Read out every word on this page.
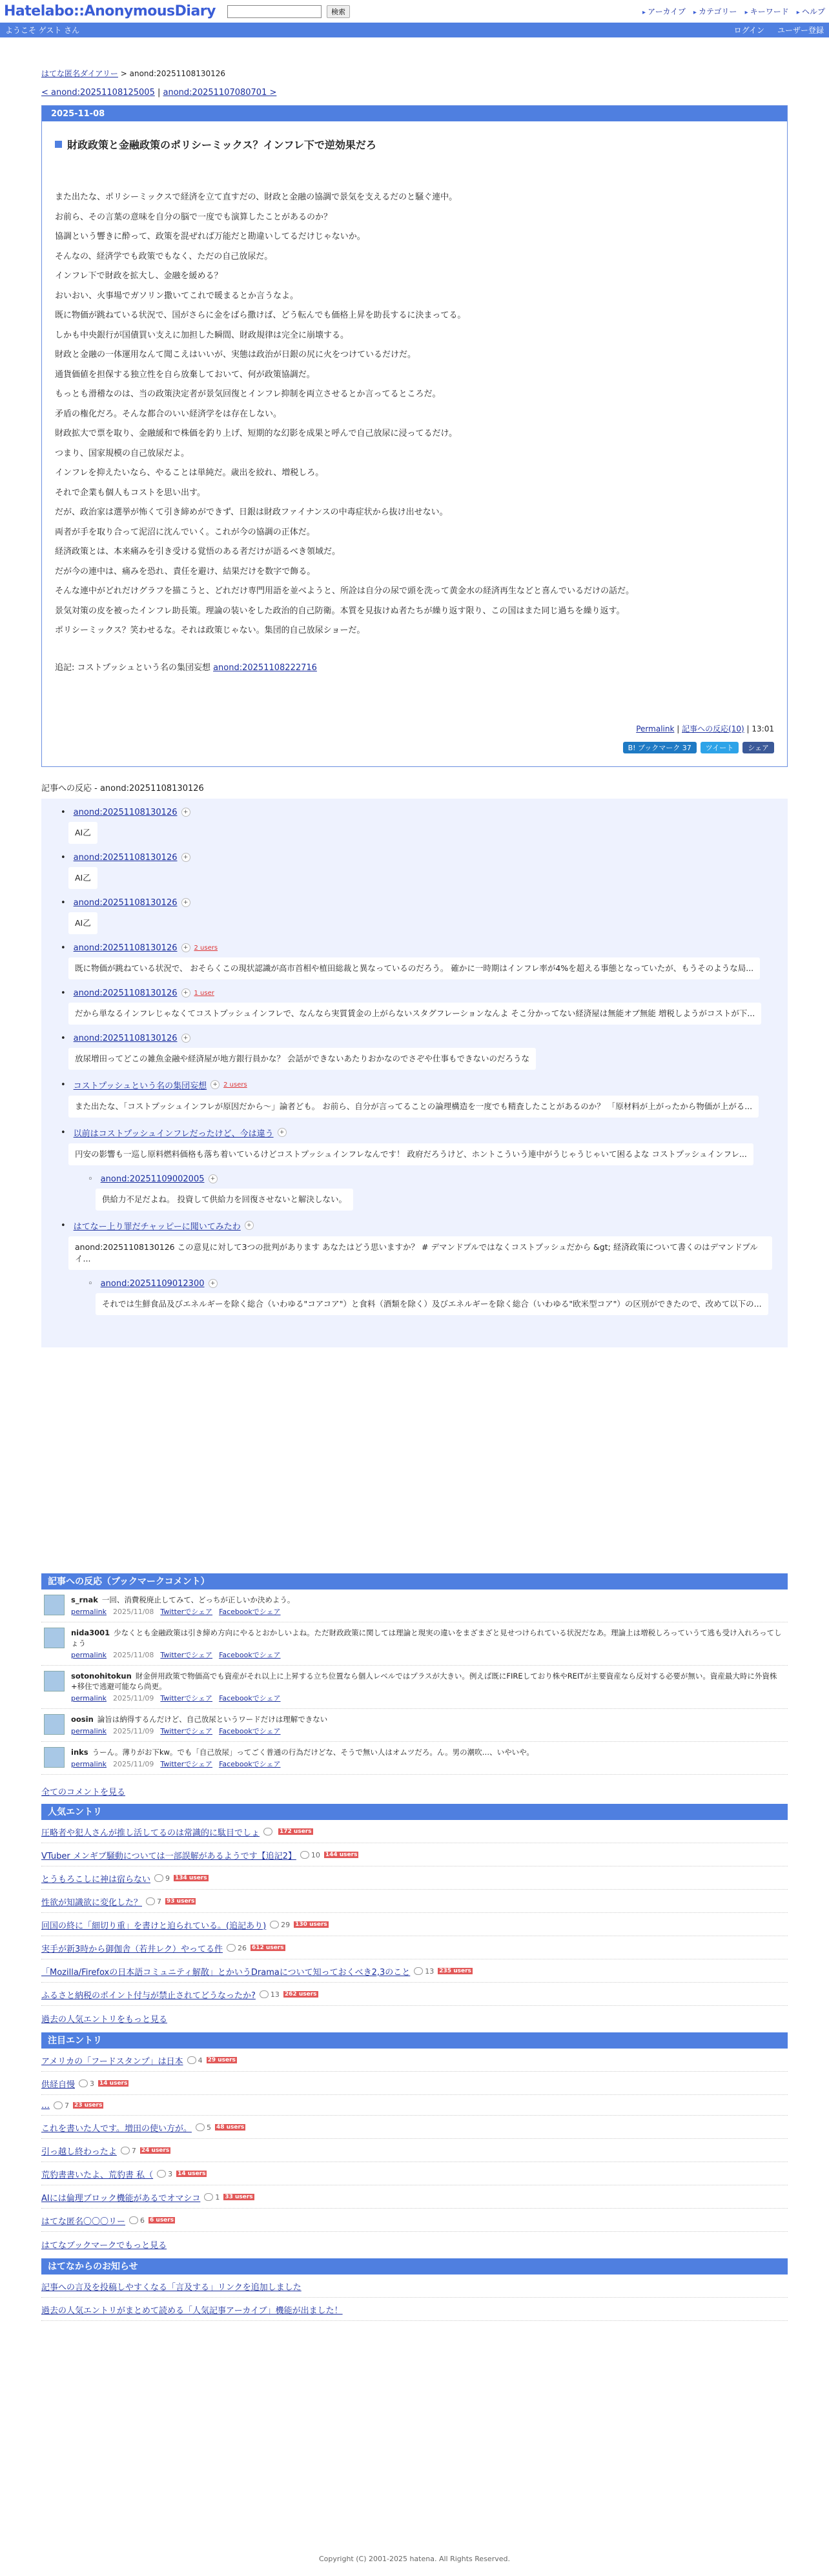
Hatelabo::AnonymousDiary	検索	▸ アーカイブ	▸ カテゴリー	▸ キーワード	▸ ヘルプ
ようこそ ゲスト さん	ログイン ユーザー登録
はてな匿名ダイアリー > anond:20251108130126
< anond:20251108125005 | anond:20251107080701 >
2025-11-08
財政政策と金融政策のポリシーミックス？インフレ下で逆効果だろ

また出たな、ポリシーミックスで経済を立て直すだの、財政と金融の協調で景気を支えるだのと騒ぐ連中。

お前ら、その言葉の意味を自分の脳で一度でも演算したことがあるのか？

協調という響きに酔って、政策を混ぜれば万能だと勘違いしてるだけじゃないか。

そんなの、経済学でも政策でもなく、ただの自己放尿だ。

インフレ下で財政を拡大し、金融を緩める？

おいおい、火事場でガソリン撒いてこれで暖まるとか言うなよ。

既に物価が跳ねている状況で、国がさらに金をばら撒けば、どう転んでも価格上昇を助長するに決まってる。

しかも中央銀行が国債買い支えに加担した瞬間、財政規律は完全に崩壊する。

財政と金融の一体運用なんて聞こえはいいが、実態は政治が日銀の尻に火をつけているだけだ。

通貨価値を担保する独立性を自ら放棄しておいて、何が政策協調だ。

もっとも滑稽なのは、当の政策決定者が景気回復とインフレ抑制を両立させるとか言ってるところだ。

矛盾の権化だろ。そんな都合のいい経済学をは存在しない。

財政拡大で票を取り、金融緩和で株価を釣り上げ、短期的な幻影を成果と呼んで自己放尿に浸ってるだけ。

つまり、国家規模の自己放尿だよ。

インフレを抑えたいなら、やることは単純だ。歳出を絞れ、増税しろ。

それで企業も個人もコストを思い出す。

だが、政治家は選挙が怖くて引き締めができず、日銀は財政ファイナンスの中毒症状から抜け出せない。

両者が手を取り合って泥沼に沈んでいく。これが今の協調の正体だ。

経済政策とは、本来痛みを引き受ける覚悟のある者だけが語るべき領域だ。

だが今の連中は、痛みを恐れ、責任を避け、結果だけを数字で飾る。

そんな連中がどれだけグラフを描こうと、どれだけ専門用語を並べようと、所詮は自分の尿で頭を洗って黄金水の経済再生などと喜んでいるだけの話だ。

景気対策の皮を被ったインフレ助長策。理論の装いをした政治的自己防衛。本質を見抜けぬ者たちが繰り返す限り、この国はまた同じ過ちを繰り返す。

ポリシーミックス？笑わせるな。それは政策じゃない。集団的自己放尿ショーだ。

追記: コストプッシュという名の集団妄想 anond:20251108222716
Permalink | 記事への反応(10) | 13:01
B! ブックマーク 37	ツイート	シェア
記事への反応 - anond:20251108130126
• anond:20251108130126	+
AI乙
• anond:20251108130126	+
AI乙
• anond:20251108130126	+
AI乙
• anond:20251108130126	+ 2 users
既に物価が跳ねている状況で、 おそらくこの現状認識が高市首相や植田総裁と異なっているのだろう。 確かに一時期はインフレ率が4%を超える事態となっていたが、もうそのような局...
• anond:20251108130126	+ 1 user
だから単なるインフレじゃなくてコストプッシュインフレで、なんなら実質賃金の上がらないスタグフレーションなんよ そこ分かってない経済屋は無能オブ無能 増税しようがコストが下...
• anond:20251108130126	+
放尿増田ってどこの雑魚金融や経済屋が地方銀行員かな？ 会話ができないあたりおかなのでさぞや仕事もできないのだろうな
• コストプッシュという名の集団妄想	+ 2 users
また出たな、「コストプッシュインフレが原因だから〜」論者ども。 お前ら、自分が言ってることの論理構造を一度でも精査したことがあるのか？ 「原材料が上がったから物価が上がる...
• 以前はコストプッシュインフレだったけど、今は違う	+
円安の影響も一巡し原料燃料価格も落ち着いているけどコストプッシュインフレなんです！ 政府だろうけど、ホントこういう連中がうじゃうじゃいて困るよな コストプッシュインフレ...
◦ anond:20251109002005	+
供給力不足だよね。 投資して供給力を回復させないと解決しない。
• はてなー上り罪だチャッピーに聞いてみたわ	+
anond:20251108130126 この意見に対して3つの批判があります あなたはどう思いますか？ # デマンドプルではなくコストプッシュだから &gt; 経済政策について書くのはデマンドプルイ...
◦ anond:20251109012300	+
それでは生鮮食品及びエネルギーを除く総合（いわゆる"コアコア"）と食料（酒類を除く）及びエネルギーを除く総合（いわゆる"欧米型コア"）の区別ができたので、改めて以下の...
記事への反応（ブックマークコメント）
s_rnak 一回、消費税廃止してみて、どっちが正しいか決めよう。
permalink 2025/11/08 Twitterでシェア Facebookでシェア
nida3001 少なくとも金融政策は引き締め方向にやるとおかしいよね。ただ財政政策に関しては理論と現実の違いをまざまざと見せつけられている状況だなあ。理論上は増税しろっていうて逃も受け入れろってしょう
permalink 2025/11/08 Twitterでシェア Facebookでシェア
sotonohitokun 財金併用政策で物価高でも資産がそれ以上に上昇する立ち位置なら個人レベルではプラスが大きい。例えば既にFIREしており株やREITが主要資産なら反対する必要が無い。資産最大時に外資株+移住で逃避可能なら尚更。
permalink 2025/11/09 Twitterでシェア Facebookでシェア
oosin 論旨は納得するんだけど、自己放尿というワードだけは理解できない
permalink 2025/11/09 Twitterでシェア Facebookでシェア
inks うーん。薄りがお下kw。でも「自己放尿」ってごく普通の行為だけどな、そうで無い人はオムツだろ。ん。男の潮吹…、いやいや。
permalink 2025/11/09 Twitterでシェア Facebookでシェア
全てのコメントを見る
人気エントリ
圧略者や犯人さんが推し活してるのは常識的に駄目でしょ	172 users
VTuber メンギブ騒動については一部誤解があるようです【追記2】 10 144 users
とうもろこしに神は宿らない 9 134 users
性欲が知識欲に変化した？ 7 93 users
回国の終に「細切り重」を書けと迫られている。(追記あり) 29 130 users
実手が新3時から御伽舎（若井レク）やってる件 26 612 users
「Mozilla/Firefoxの日本語コミュニティ解散」とかいうDramaについて知っておくべき2,3のこと 13 235 users
ふるさと納税のポイント付与が禁止されてどうなったか? 13 262 users
過去の人気エントリをもっと見る
注目エントリ
アメリカの「フードスタンプ」は日本 4 29 users
供経自慢 3 14 users
… 7 23 users
これを書いた人です。増田の使い方が。 5 48 users
引っ越し終わったよ 7 24 users
荒豹書書いたよ、荒豹書 私（ 3 14 users
AIには倫理ブロック機能があるでオマシコ 1 33 users
はてな匿名〇〇〇リー 6 6 users
はてなブックマークでもっと見る
はてなからのお知らせ
記事への言及を投稿しやすくなる「言及する」リンクを追加しました
過去の人気エントリがまとめて読める「人気記事アーカイブ」機能が出ました！
Copyright (C) 2001-2025 hatena. All Rights Reserved.
